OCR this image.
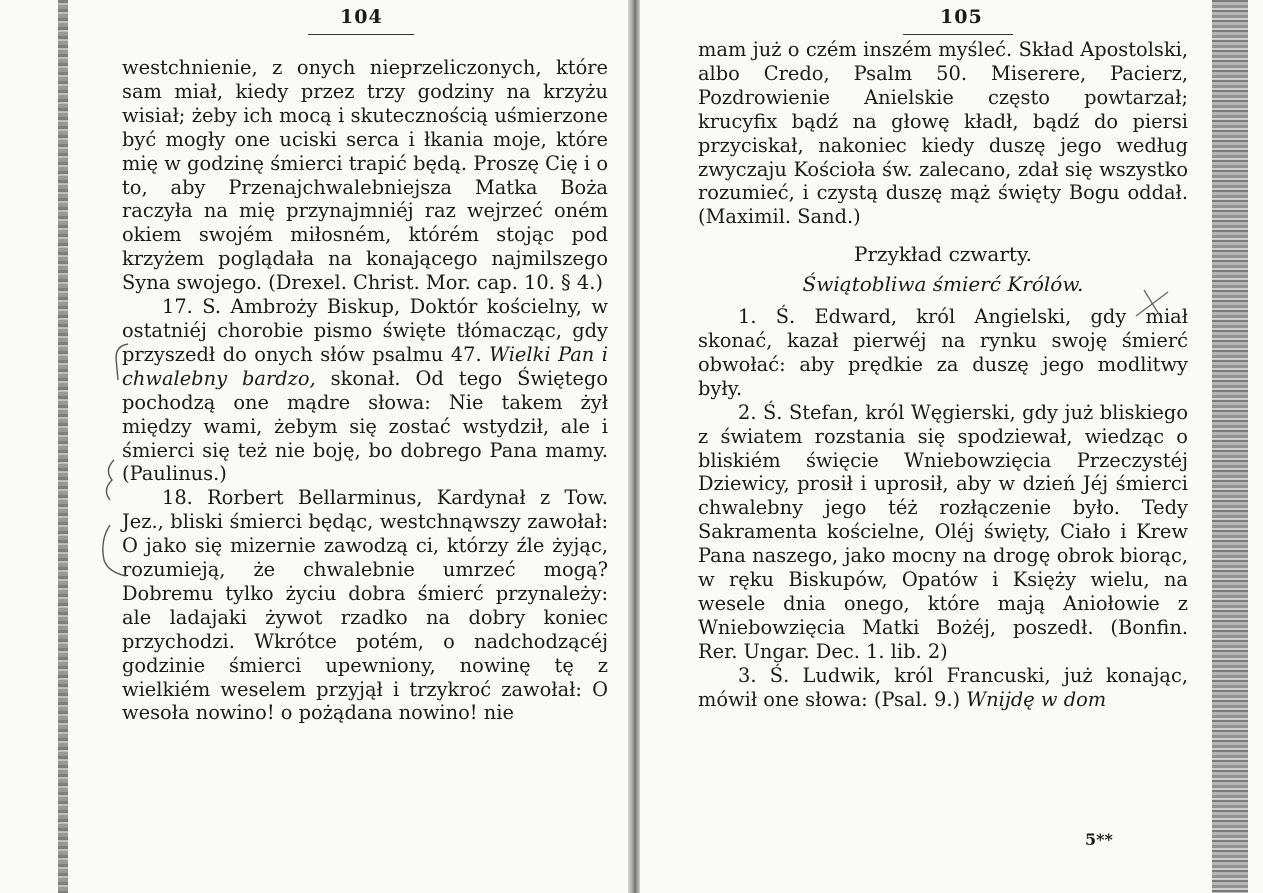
104

westchnienie, z onych nieprzeliczonych, które sam miał, kiedy przez trzy godziny na krzyżu wisiał; żeby ich mocą i skutecznością uśmierzone być mogły one uciski serca i łkania moje, które mię w godzinę śmierci trapić będą. Proszę Cię i o to, aby Przenajchwalebniejsza Matka Boża raczyła na mię przynajmniéj raz wejrzeć oném okiem swojém miłosném, którém stojąc pod krzyżem poglądała na konającego najmilszego Syna swojego. (Drexel. Christ. Mor. cap. 10. § 4.)

17. S. Ambroży Biskup, Doktór kościelny, w ostatniéj chorobie pismo święte tłómacząc, gdy przyszedł do onych słów psalmu 47. Wielki Pan i chwalebny bardzo, skonał. Od tego Świętego pochodzą one mądre słowa: Nie takem żył między wami, żebym się zostać wstydził, ale i śmierci się też nie boję, bo dobrego Pana mamy. (Paulinus.)

18. Rorbert Bellarminus, Kardynał z Tow. Jez., bliski śmierci będąc, westchnąwszy zawołał: O jako się mizernie zawodzą ci, którzy źle żyjąc, rozumieją, że chwalebnie umrzeć mogą? Dobremu tylko życiu dobra śmierć przynależy: ale ladajaki żywot rzadko na dobry koniec przychodzi. Wkrótce potém, o nadchodzącéj godzinie śmierci upewniony, nowinę tę z wielkiém weselem przyjął i trzykroć zawołał: O wesoła nowino! o pożądana nowino! nie

105

mam już o czém inszém myśleć. Skład Apostolski, albo Credo, Psalm 50. Miserere, Pacierz, Pozdrowienie Anielskie często powtarzał; krucyfix bądź na głowę kładł, bądź do piersi przyciskał, nakoniec kiedy duszę jego według zwyczaju Kościoła św. zalecano, zdał się wszystko rozumieć, i czystą duszę mąż święty Bogu oddał. (Maximil. Sand.)

Przykład czwarty.
Świątobliwa śmierć Królów.

1. Ś. Edward, król Angielski, gdy miał skonać, kazał pierwéj na rynku swoję śmierć obwołać: aby prędkie za duszę jego modlitwy były.

2. Ś. Stefan, król Węgierski, gdy już bliskiego z światem rozstania się spodziewał, wiedząc o bliskiém święcie Wniebowzięcia Przeczystéj Dziewicy, prosił i uprosił, aby w dzień Jéj śmierci chwalebny jego téż rozłączenie było. Tedy Sakramenta kościelne, Oléj święty, Ciało i Krew Pana naszego, jako mocny na drogę obrok biorąc, w ręku Biskupów, Opatów i Księży wielu, na wesele dnia onego, które mają Aniołowie z Wniebowzięcia Matki Bożéj, poszedł. (Bonfin. Rer. Ungar. Dec. 1. lib. 2)

3. Ś. Ludwik, król Francuski, już konając, mówił one słowa: (Psal. 9.) Wnijdę w dom

5**
